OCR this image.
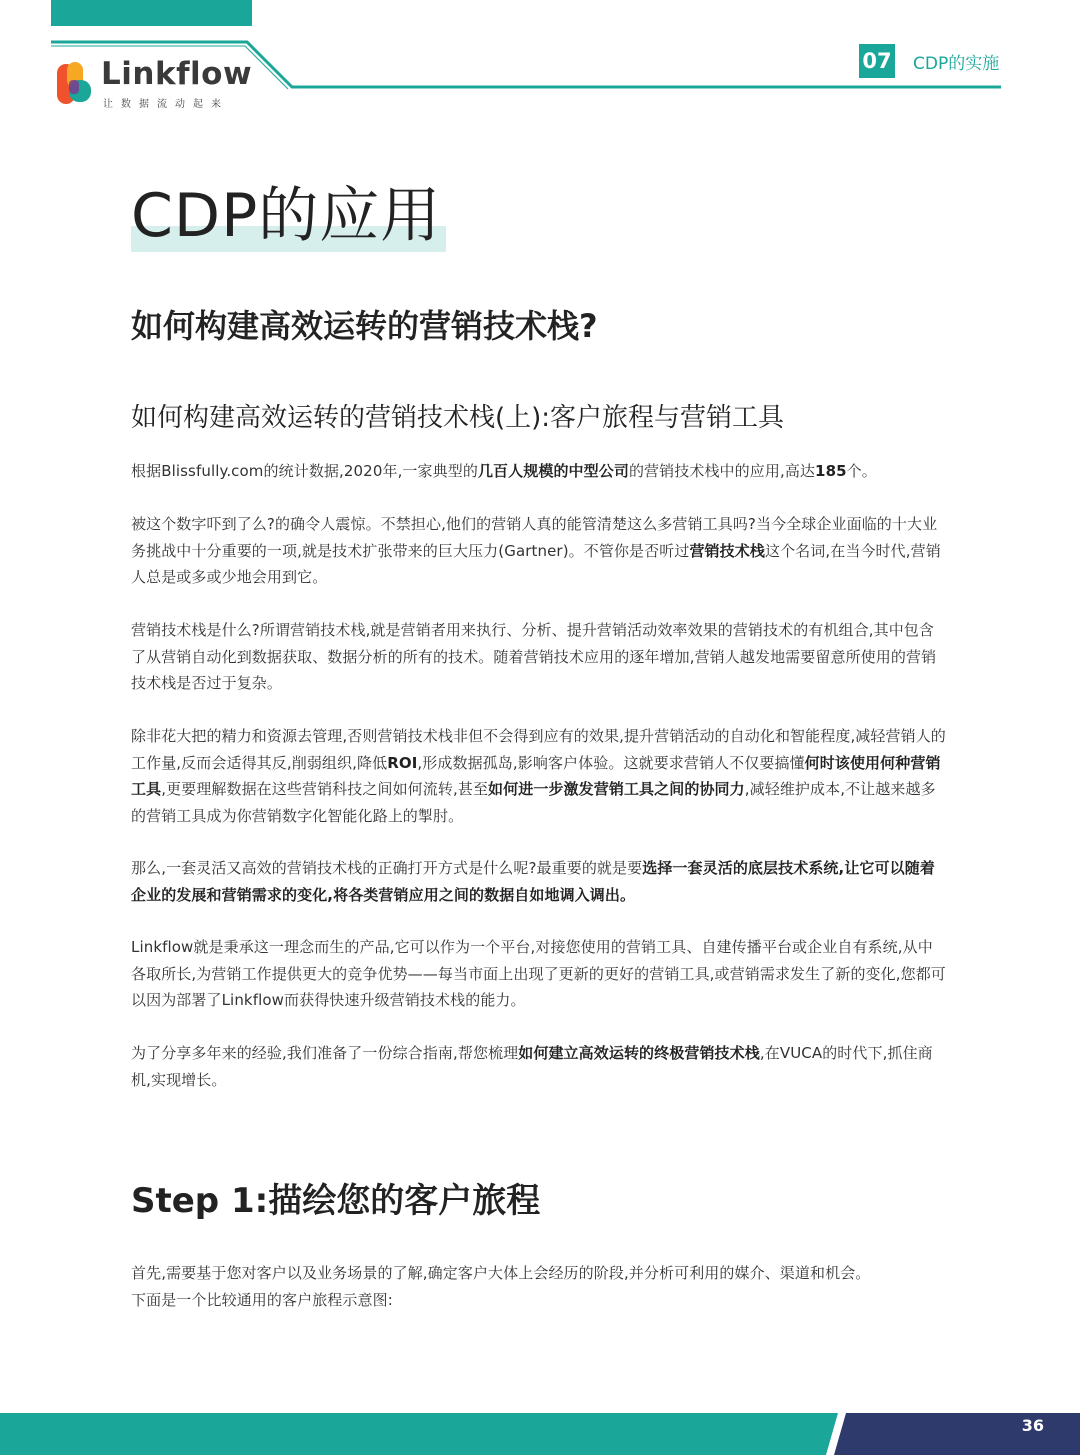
Linkflow
让数据流动起来
07 CDP的实施
CDP的应用
如何构建高效运转的营销技术栈?
如何构建高效运转的营销技术栈(上):客户旅程与营销工具

根据Blissfully.com的统计数据,2020年,一家典型的几百人规模的中型公司的营销技术栈中的应用,高达185个。

被这个数字吓到了么?的确令人震惊。不禁担心,他们的营销人真的能管清楚这么多营销工具吗?当今全球企业面临的十大业务挑战中十分重要的一项,就是技术扩张带来的巨大压力(Gartner)。不管你是否听过营销技术栈这个名词,在当今时代,营销人总是或多或少地会用到它。

营销技术栈是什么?所谓营销技术栈,就是营销者用来执行、分析、提升营销活动效率效果的营销技术的有机组合,其中包含了从营销自动化到数据获取、数据分析的所有的技术。随着营销技术应用的逐年增加,营销人越发地需要留意所使用的营销技术栈是否过于复杂。

除非花大把的精力和资源去管理,否则营销技术栈非但不会得到应有的效果,提升营销活动的自动化和智能程度,减轻营销人的工作量,反而会适得其反,削弱组织,降低ROI,形成数据孤岛,影响客户体验。这就要求营销人不仅要搞懂何时该使用何种营销工具,更要理解数据在这些营销科技之间如何流转,甚至如何进一步激发营销工具之间的协同力,减轻维护成本,不让越来越多的营销工具成为你营销数字化智能化路上的掣肘。

那么,一套灵活又高效的营销技术栈的正确打开方式是什么呢?最重要的就是要选择一套灵活的底层技术系统,让它可以随着企业的发展和营销需求的变化,将各类营销应用之间的数据自如地调入调出。

Linkflow就是秉承这一理念而生的产品,它可以作为一个平台,对接您使用的营销工具、自建传播平台或企业自有系统,从中各取所长,为营销工作提供更大的竞争优势——每当市面上出现了更新的更好的营销工具,或营销需求发生了新的变化,您都可以因为部署了Linkflow而获得快速升级营销技术栈的能力。

为了分享多年来的经验,我们准备了一份综合指南,帮您梳理如何建立高效运转的终极营销技术栈,在VUCA的时代下,抓住商机,实现增长。

Step 1:描绘您的客户旅程

首先,需要基于您对客户以及业务场景的了解,确定客户大体上会经历的阶段,并分析可利用的媒介、渠道和机会。

下面是一个比较通用的客户旅程示意图:

36
